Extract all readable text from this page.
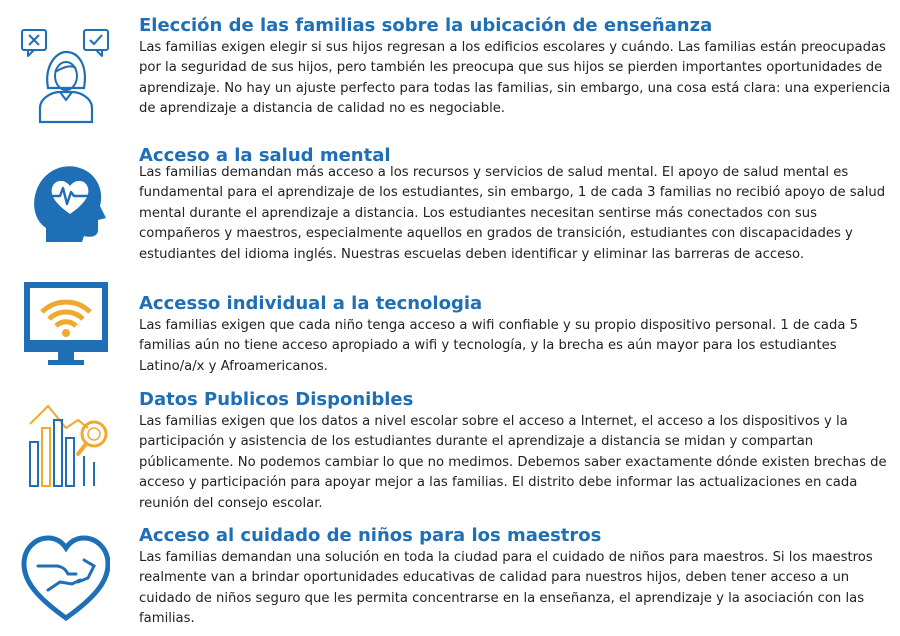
Elección de las familias sobre la ubicación de enseñanza

Las familias exigen elegir si sus hijos regresan a los edificios escolares y cuándo. Las familias están preocupadas por la seguridad de sus hijos, pero también les preocupa que sus hijos se pierden importantes oportunidades de aprendizaje. No hay un ajuste perfecto para todas las familias, sin embargo, una cosa está clara: una experiencia de aprendizaje a distancia de calidad no es negociable.

Acceso a la salud mental

Las familias demandan más acceso a los recursos y servicios de salud mental. El apoyo de salud mental es fundamental para el aprendizaje de los estudiantes, sin embargo, 1 de cada 3 familias no recibió apoyo de salud mental durante el aprendizaje a distancia. Los estudiantes necesitan sentirse más conectados con sus compañeros y maestros, especialmente aquellos en grados de transición, estudiantes con discapacidades y estudiantes del idioma inglés. Nuestras escuelas deben identificar y eliminar las barreras de acceso.

Accesso individual a la tecnologia

Las familias exigen que cada niño tenga acceso a wifi confiable y su propio dispositivo personal. 1 de cada 5 familias aún no tiene acceso apropiado a wifi y tecnología, y la brecha es aún mayor para los estudiantes Latino/a/x y Afroamericanos.

Datos Publicos Disponibles

Las familias exigen que los datos a nivel escolar sobre el acceso a Internet, el acceso a los dispositivos y la participación y asistencia de los estudiantes durante el aprendizaje a distancia se midan y compartan públicamente. No podemos cambiar lo que no medimos. Debemos saber exactamente dónde existen brechas de acceso y participación para apoyar mejor a las familias. El distrito debe informar las actualizaciones en cada reunión del consejo escolar.

Acceso al cuidado de niños para los maestros

Las familias demandan una solución en toda la ciudad para el cuidado de niños para maestros. Si los maestros realmente van a brindar oportunidades educativas de calidad para nuestros hijos, deben tener acceso a un cuidado de niños seguro que les permita concentrarse en la enseñanza, el aprendizaje y la asociación con las familias.
